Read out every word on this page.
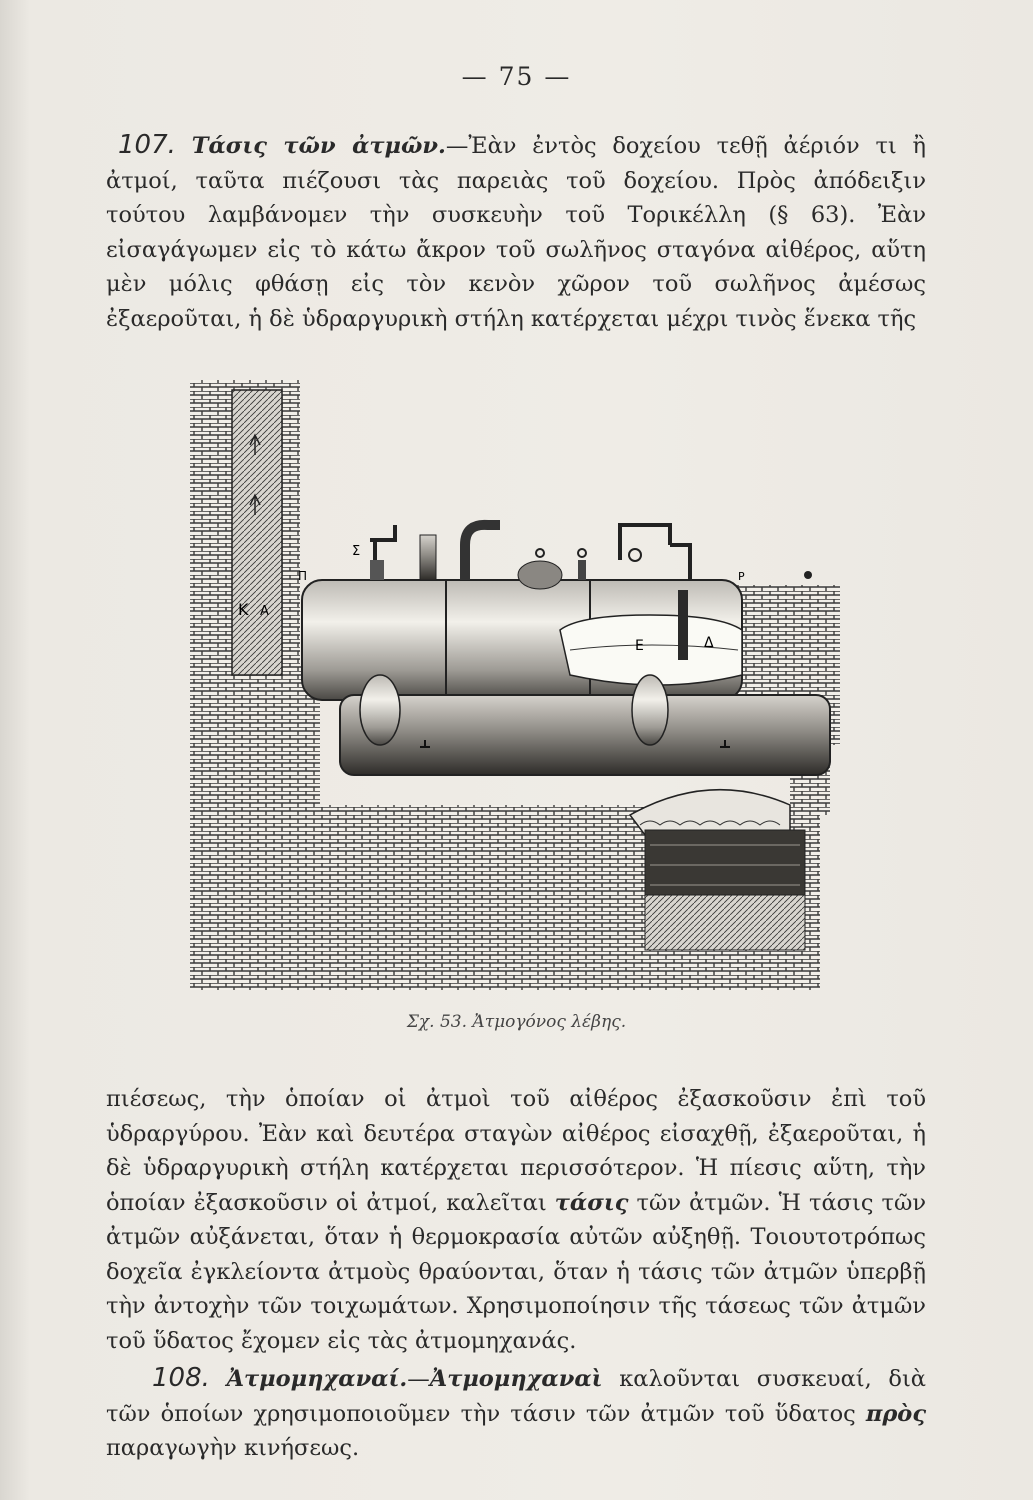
— 75 —

107. Τάσις τῶν ἀτμῶν.—Ἐὰν ἐντὸς δοχείου τεθῇ ἀέριόν τι ἢ ἀτμοί, ταῦτα πιέζουσι τὰς παρειὰς τοῦ δοχείου. Πρὸς ἀπόδειξιν τούτου λαμβάνομεν τὴν συσκευὴν τοῦ Τορικέλλη (§ 63). Ἐὰν εἰσαγάγωμεν εἰς τὸ κάτω ἄκρον τοῦ σωλῆνος σταγόνα αἰθέρος, αὕτη μὲν μόλις φθάσῃ εἰς τὸν κενὸν χῶρον τοῦ σωλῆνος ἀμέσως ἐξαεροῦται, ἡ δὲ ὑδραργυρικὴ στήλη κατέρχεται μέχρι τινὸς ἕνεκα τῆς

Κ Α
Ε	Δ
Σ
Π	Ρ
Σχ. 53. Ἀτμογόνος λέβης.

πιέσεως, τὴν ὁποίαν οἱ ἀτμοὶ τοῦ αἰθέρος ἐξασκοῦσιν ἐπὶ τοῦ ὑδραργύρου. Ἐὰν καὶ δευτέρα σταγὼν αἰθέρος εἰσαχθῇ, ἐξαεροῦται, ἡ δὲ ὑδραργυρικὴ στήλη κατέρχεται περισσότερον. Ἡ πίεσις αὕτη, τὴν ὁποίαν ἐξασκοῦσιν οἱ ἀτμοί, καλεῖται τάσις τῶν ἀτμῶν. Ἡ τάσις τῶν ἀτμῶν αὐξάνεται, ὅταν ἡ θερμοκρασία αὐτῶν αὐξηθῇ. Τοιουτοτρόπως δοχεῖα ἐγκλείοντα ἀτμοὺς θραύονται, ὅταν ἡ τάσις τῶν ἀτμῶν ὑπερβῇ τὴν ἀντοχὴν τῶν τοιχωμάτων. Χρησιμοποίησιν τῆς τάσεως τῶν ἀτμῶν τοῦ ὕδατος ἔχομεν εἰς τὰς ἀτμομηχανάς.

108. Ἀτμομηχαναί.—Ἀτμομηχαναὶ καλοῦνται συσκευαί, διὰ τῶν ὁποίων χρησιμοποιοῦμεν τὴν τάσιν τῶν ἀτμῶν τοῦ ὕδατος πρὸς παραγωγὴν κινήσεως.
